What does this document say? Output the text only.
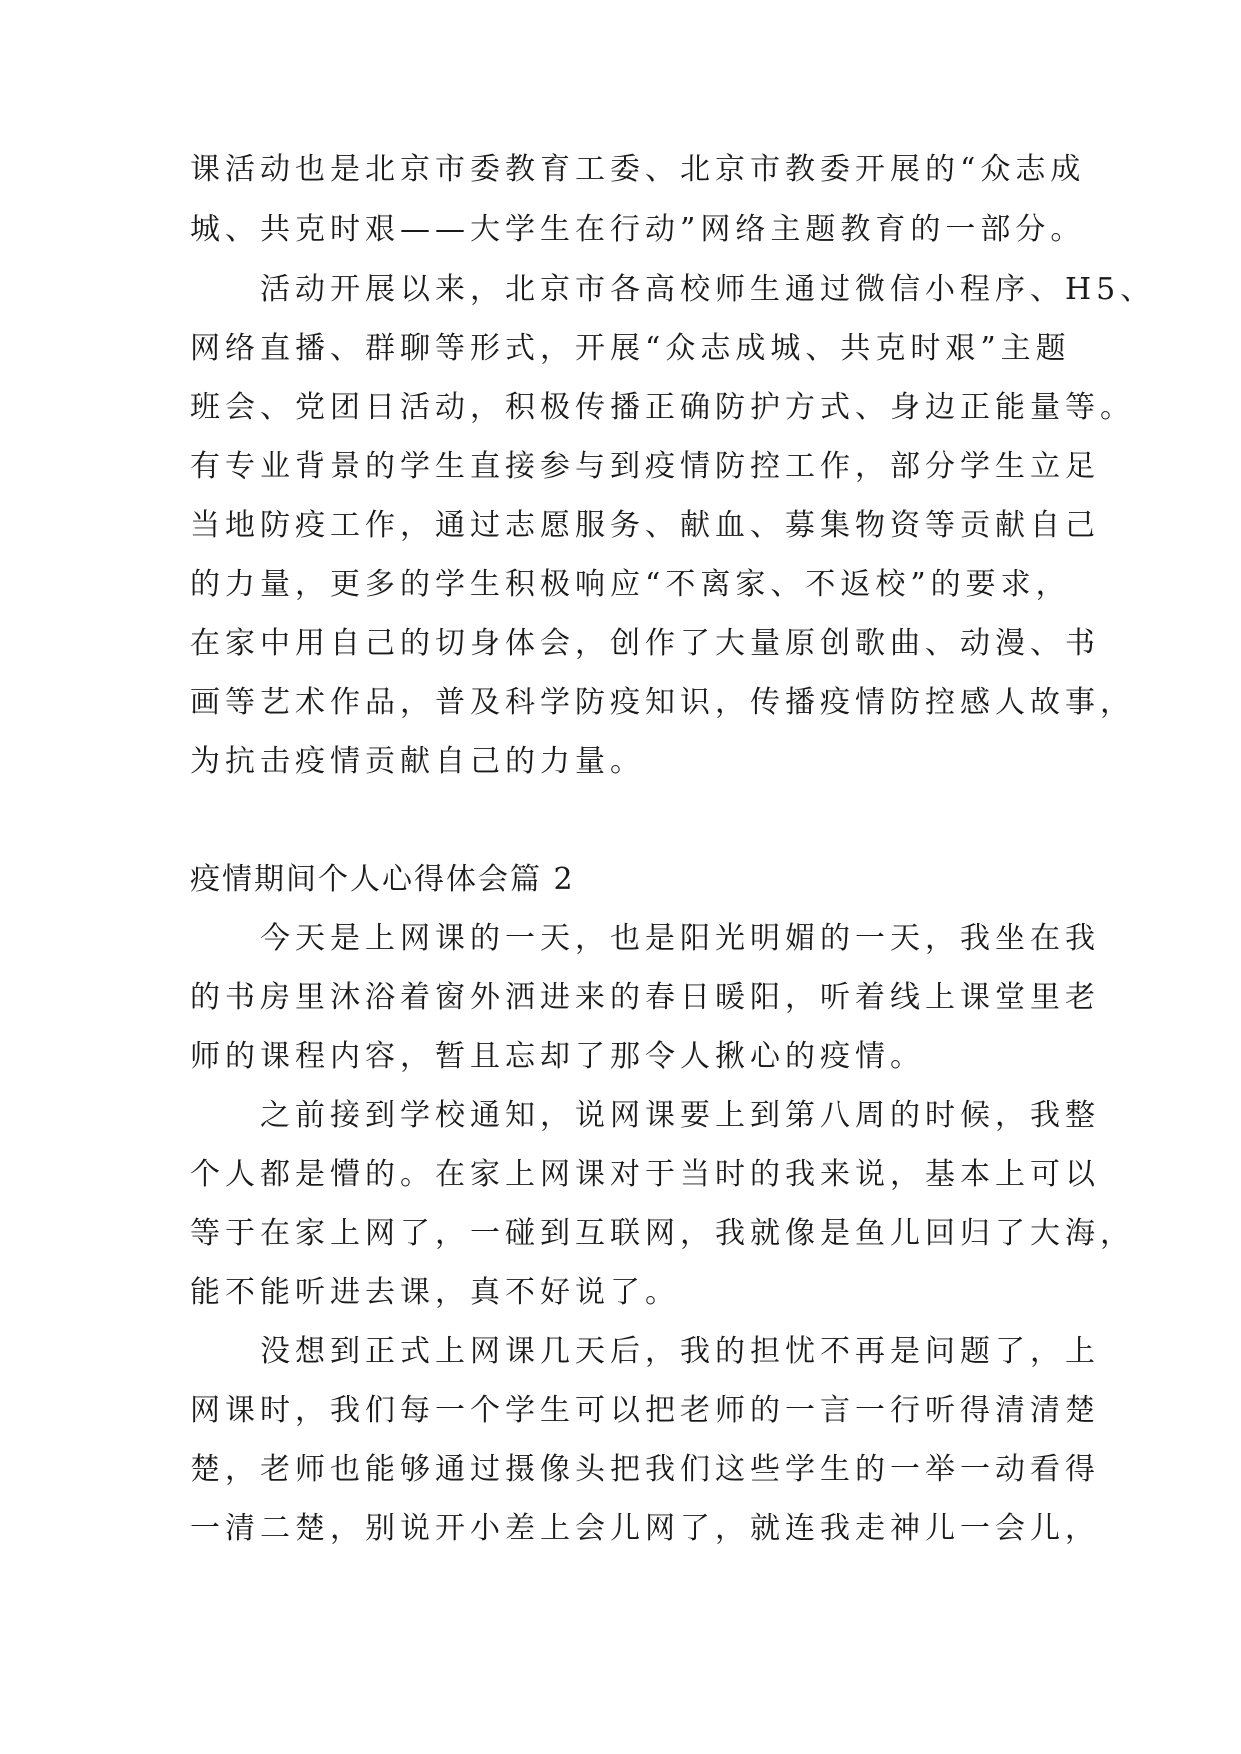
课活动也是北京市委教育工委、北京市教委开展的“众志成
城、共克时艰——大学生在行动”网络主题教育的一部分。
　　活动开展以来，北京市各高校师生通过微信小程序、H5、
网络直播、群聊等形式，开展“众志成城、共克时艰”主题
班会、党团日活动，积极传播正确防护方式、身边正能量等。
有专业背景的学生直接参与到疫情防控工作，部分学生立足
当地防疫工作，通过志愿服务、献血、募集物资等贡献自己
的力量，更多的学生积极响应“不离家、不返校”的要求，
在家中用自己的切身体会，创作了大量原创歌曲、动漫、书
画等艺术作品，普及科学防疫知识，传播疫情防控感人故事，
为抗击疫情贡献自己的力量。
疫情期间个人心得体会篇 2
　　今天是上网课的一天，也是阳光明媚的一天，我坐在我
的书房里沐浴着窗外洒进来的春日暖阳，听着线上课堂里老
师的课程内容，暂且忘却了那令人揪心的疫情。
　　之前接到学校通知，说网课要上到第八周的时候，我整
个人都是懵的。在家上网课对于当时的我来说，基本上可以
等于在家上网了，一碰到互联网，我就像是鱼儿回归了大海，
能不能听进去课，真不好说了。
　　没想到正式上网课几天后，我的担忧不再是问题了，上
网课时，我们每一个学生可以把老师的一言一行听得清清楚
楚，老师也能够通过摄像头把我们这些学生的一举一动看得
一清二楚，别说开小差上会儿网了，就连我走神儿一会儿，
